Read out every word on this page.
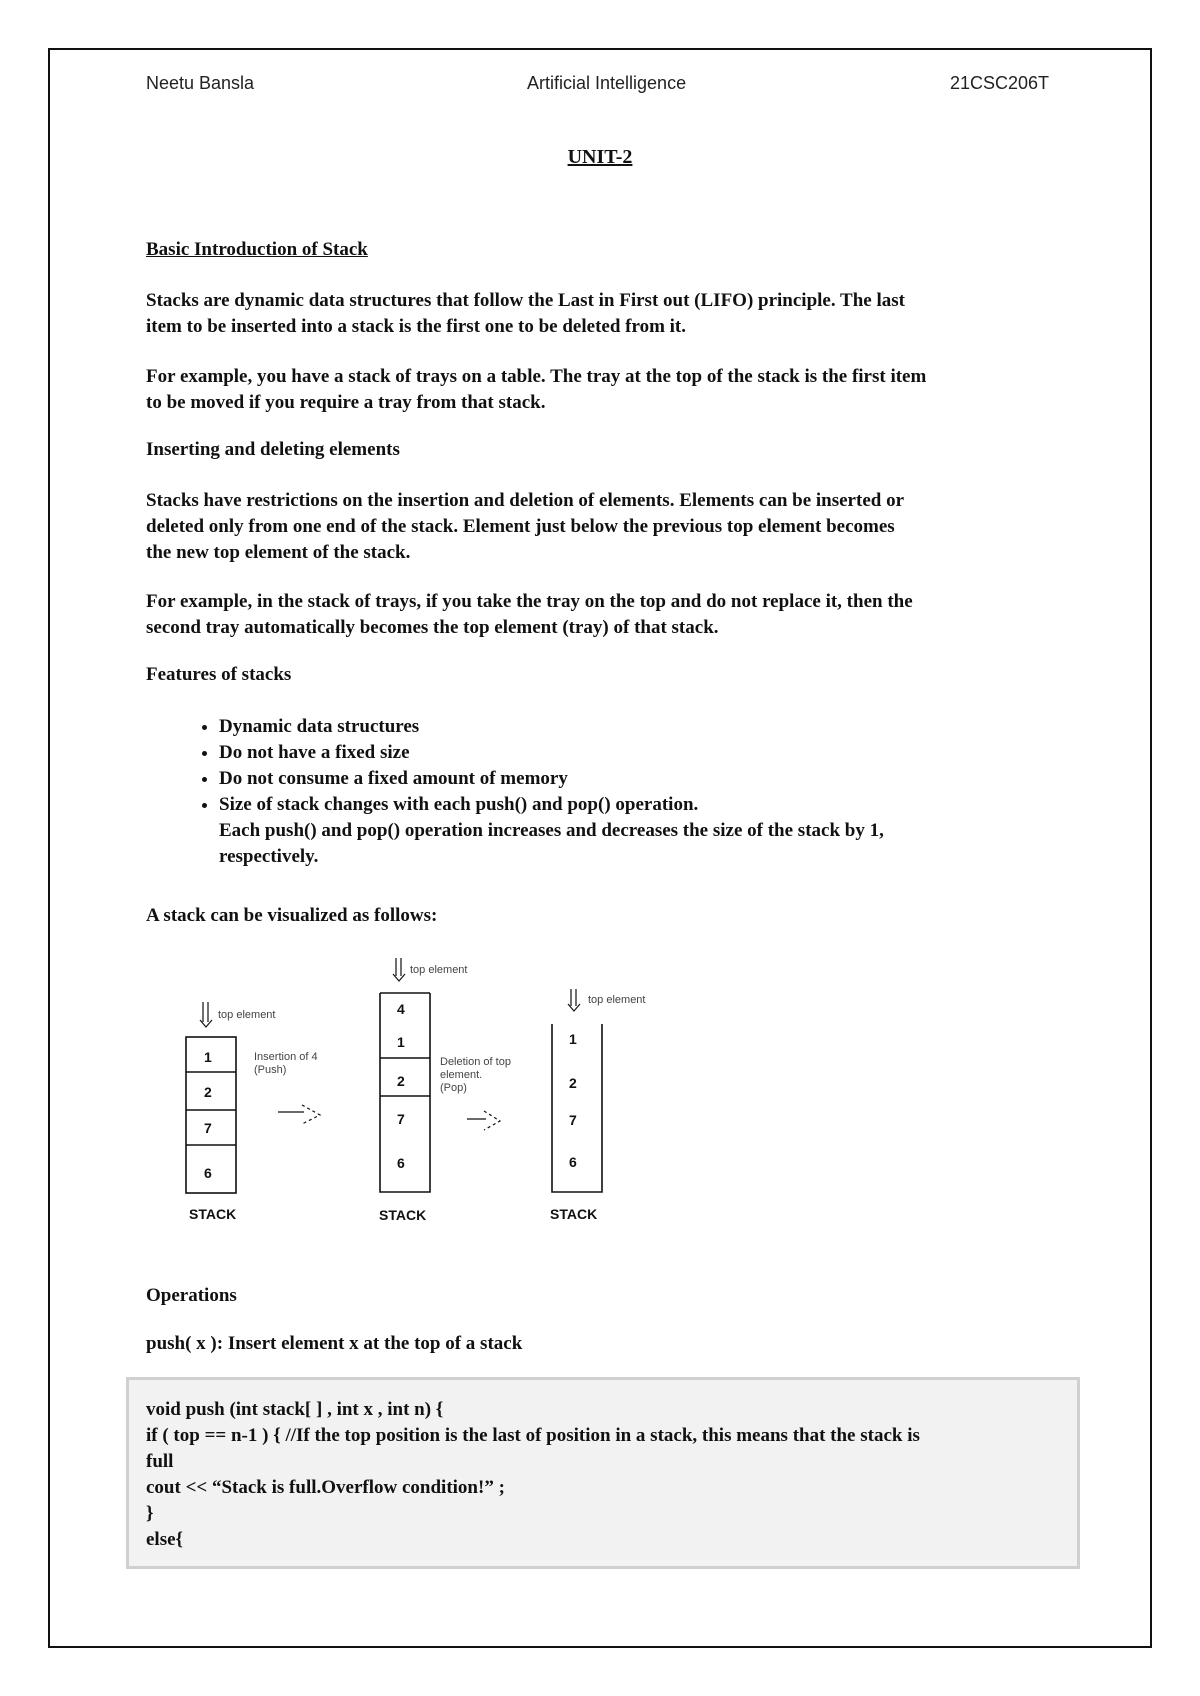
Neetu Bansla	Artificial Intelligence	21CSC206T
UNIT-2
Basic Introduction of Stack
Stacks are dynamic data structures that follow the Last in First out (LIFO) principle. The last
item to be inserted into a stack is the first one to be deleted from it.
For example, you have a stack of trays on a table. The tray at the top of the stack is the first item
to be moved if you require a tray from that stack.
Inserting and deleting elements
Stacks have restrictions on the insertion and deletion of elements. Elements can be inserted or
deleted only from one end of the stack. Element just below the previous top element becomes
the new top element of the stack.
For example, in the stack of trays, if you take the tray on the top and do not replace it, then the
second tray automatically becomes the top element (tray) of that stack.
Features of stacks
• Dynamic data structures
• Do not have a fixed size
• Do not consume a fixed amount of memory
• Size of stack changes with each push() and pop() operation.
Each push() and pop() operation increases and decreases the size of the stack by 1,
respectively.
A stack can be visualized as follows:
top element
top element
top element
Insertion of 4
(Push)
Deletion of top
element.
(Pop)
1
2
7
6
4
1
2
7
6
1
2
7
6
STACK	STACK	STACK
Operations
push( x ): Insert element x at the top of a stack
void push (int stack[ ] , int x , int n) {
if ( top == n-1 ) { //If the top position is the last of position in a stack, this means that the stack is
full
cout << “Stack is full.Overflow condition!” ;
}
else{
